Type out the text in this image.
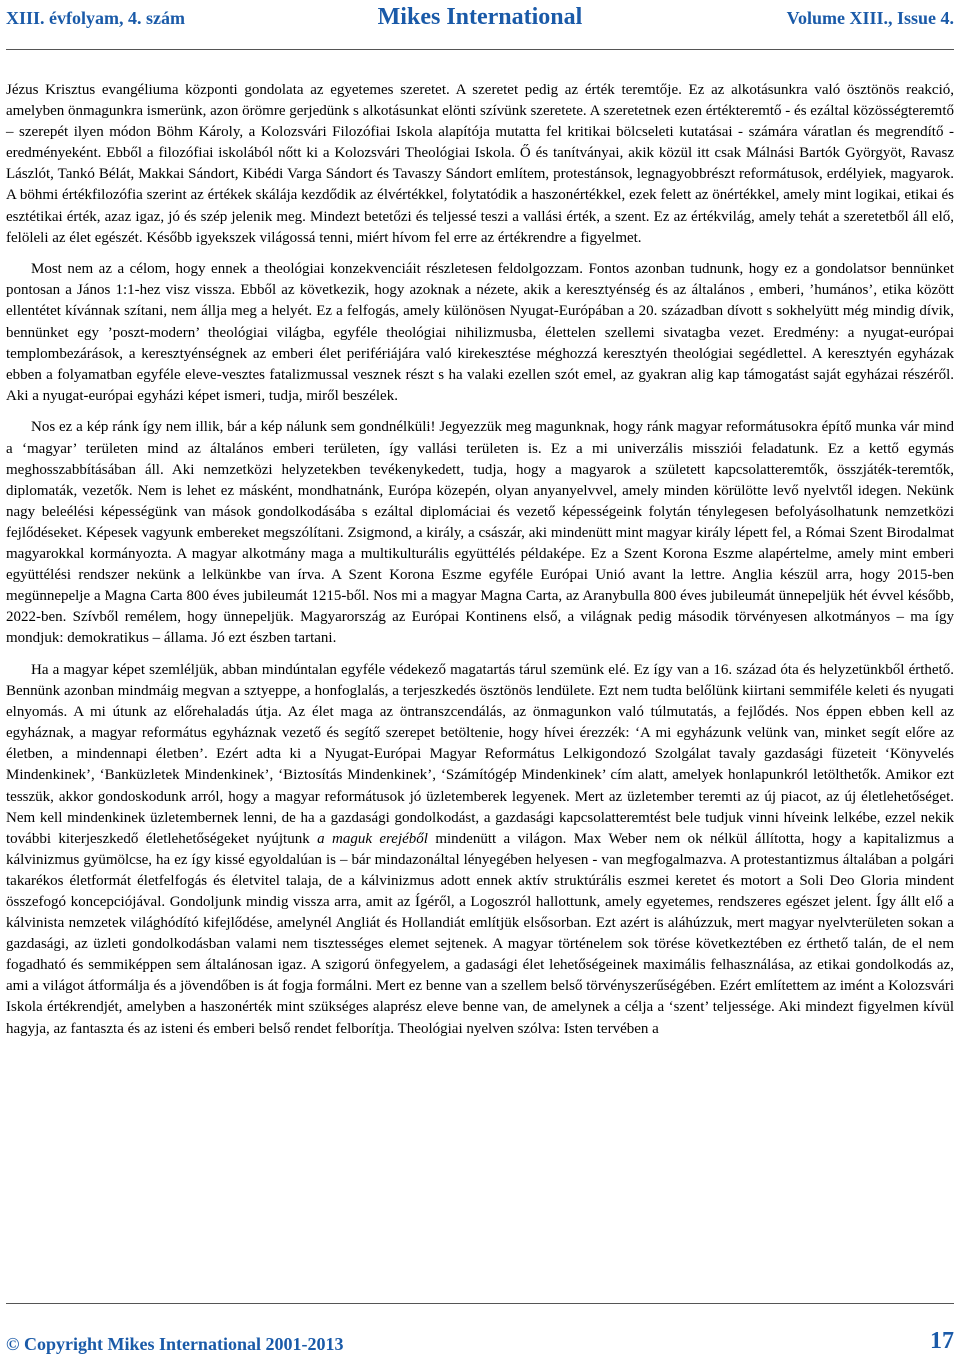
XIII. évfolyam, 4. szám	Mikes International	Volume XIII., Issue 4.

Jézus Krisztus evangéliuma központi gondolata az egyetemes szeretet. A szeretet pedig az érték teremtője. Ez az alkotásunkra való ösztönös reakció, amelyben önmagunkra ismerünk, azon örömre gerjedünk s alkotásunkat elönti szívünk szeretete. A szeretetnek ezen értékteremtő - és ezáltal közösségteremtő – szerepét ilyen módon Böhm Károly, a Kolozsvári Filozófiai Iskola alapítója mutatta fel kritikai bölcseleti kutatásai - számára váratlan és megrendítő -eredményeként. Ebből a filozófiai iskolából nőtt ki a Kolozsvári Theológiai Iskola. Ő és tanítványai, akik közül itt csak Málnási Bartók Györgyöt, Ravasz Lászlót, Tankó Bélát, Makkai Sándort, Kibédi Varga Sándort és Tavaszy Sándort említem, protestánsok, legnagyobbrészt reformátusok, erdélyiek, magyarok. A böhmi értékfilozófia szerint az értékek skálája kezdődik az élvértékkel, folytatódik a haszonértékkel, ezek felett az önértékkel, amely mint logikai, etikai és esztétikai érték, azaz igaz, jó és szép jelenik meg. Mindezt betetőzi és teljessé teszi a vallási érték, a szent. Ez az értékvilág, amely tehát a szeretetből áll elő, felöleli az élet egészét. Később igyekszek világossá tenni, miért hívom fel erre az értékrendre a figyelmet.

Most nem az a célom, hogy ennek a theológiai konzekvenciáit részletesen feldolgozzam. Fontos azonban tudnunk, hogy ez a gondolatsor bennünket pontosan a János 1:1-hez visz vissza. Ebből az következik, hogy azoknak a nézete, akik a keresztyénség és az általános , emberi, ’humános’, etika között ellentétet kívánnak szítani, nem állja meg a helyét. Ez a felfogás, amely különösen Nyugat-Európában a 20. században dívott s sokhelyütt még mindig dívik, bennünket egy ’poszt-modern’ theológiai világba, egyféle theológiai nihilizmusba, élettelen szellemi sivatagba vezet. Eredmény: a nyugat-európai templombezárások, a keresztyénségnek az emberi élet perifériájára való kirekesztése méghozzá keresztyén theológiai segédlettel. A keresztyén egyházak ebben a folyamatban egyféle eleve-vesztes fatalizmussal vesznek részt s ha valaki ezellen szót emel, az gyakran alig kap támogatást saját egyházai részéről. Aki a nyugat-európai egyházi képet ismeri, tudja, miről beszélek.

Nos ez a kép ránk így nem illik, bár a kép nálunk sem gondnélküli! Jegyezzük meg magunknak, hogy ránk magyar reformátusokra építő munka vár mind a ‘magyar’ területen mind az általános emberi területen, így vallási területen is. Ez a mi univerzális missziói feladatunk. Ez a kettő egymás meghosszabbításában áll. Aki nemzetközi helyzetekben tevékenykedett, tudja, hogy a magyarok a született kapcsolatteremtők, összjáték-teremtők, diplomaták, vezetők. Nem is lehet ez másként, mondhatnánk, Európa közepén, olyan anyanyelvvel, amely minden körülötte levő nyelvtől idegen. Nekünk nagy beleélési képességünk van mások gondolkodásába s ezáltal diplomáciai és vezető képességeink folytán ténylegesen befolyásolhatunk nemzetközi fejlődéseket. Képesek vagyunk embereket megszólítani. Zsigmond, a király, a császár, aki mindenütt mint magyar király lépett fel, a Római Szent Birodalmat magyarokkal kormányozta. A magyar alkotmány maga a multikulturális együttélés példaképe. Ez a Szent Korona Eszme alapértelme, amely mint emberi együttélési rendszer nekünk a lelkünkbe van írva. A Szent Korona Eszme egyféle Európai Unió avant la lettre. Anglia készül arra, hogy 2015-ben megünnepelje a Magna Carta 800 éves jubileumát 1215-ből. Nos mi a magyar Magna Carta, az Aranybulla 800 éves jubileumát ünnepeljük hét évvel később, 2022-ben. Szívből remélem, hogy ünnepeljük. Magyarország az Európai Kontinens első, a világnak pedig második törvényesen alkotmányos – ma így mondjuk: demokratikus – állama. Jó ezt észben tartani.

Ha a magyar képet szemléljük, abban mindúntalan egyféle védekező magatartás tárul szemünk elé. Ez így van a 16. század óta és helyzetünkből érthető. Bennünk azonban mindmáig megvan a sztyeppe, a honfoglalás, a terjeszkedés ösztönös lendülete. Ezt nem tudta belőlünk kiirtani semmiféle keleti és nyugati elnyomás. A mi útunk az előrehaladás útja. Az élet maga az öntranszcendálás, az önmagunkon való túlmutatás, a fejlődés. Nos éppen ebben kell az egyháznak, a magyar református egyháznak vezető és segítő szerepet betöltenie, hogy hívei érezzék: ‘A mi egyházunk velünk van, minket segít előre az életben, a mindennapi életben’. Ezért adta ki a Nyugat-Európai Magyar Református Lelkigondozó Szolgálat tavaly gazdasági füzeteit ‘Könyvelés Mindenkinek’, ‘Banküzletek Mindenkinek’, ‘Biztosítás Mindenkinek’, ‘Számítógép Mindenkinek’ cím alatt, amelyek honlapunkról letölthetők. Amikor ezt tesszük, akkor gondoskodunk arról, hogy a magyar reformátusok jó üzletemberek legyenek. Mert az üzletember teremti az új piacot, az új életlehetőséget. Nem kell mindenkinek üzletembernek lenni, de ha a gazdasági gondolkodást, a gazdasági kapcsolatteremtést bele tudjuk vinni híveink lelkébe, ezzel nekik további kiterjeszkedő életlehetőségeket nyújtunk a maguk erejéből mindenütt a világon. Max Weber nem ok nélkül állította, hogy a kapitalizmus a kálvinizmus gyümölcse, ha ez így kissé egyoldalúan is – bár mindazonáltal lényegében helyesen - van megfogalmazva. A protestantizmus általában a polgári takarékos életformát életfelfogás és életvitel talaja, de a kálvinizmus adott ennek aktív struktúrális eszmei keretet és motort a Soli Deo Gloria mindent összefogó koncepciójával. Gondoljunk mindig vissza arra, amit az Ígéről, a Logoszról hallottunk, amely egyetemes, rendszeres egészet jelent. Így állt elő a kálvinista nemzetek világhódító kifejlődése, amelynél Angliát és Hollandiát említjük elsősorban. Ezt azért is aláhúzzuk, mert magyar nyelvterületen sokan a gazdasági, az üzleti gondolkodásban valami nem tisztességes elemet sejtenek. A magyar történelem sok törése következtében ez érthető talán, de el nem fogadható és semmiképpen sem általánosan igaz. A szigorú önfegyelem, a gadasági élet lehetőségeinek maximális felhasználása, az etikai gondolkodás az, ami a világot átformálja és a jövendőben is át fogja formálni. Mert ez benne van a szellem belső törvényszerűségében. Ezért említettem az imént a Kolozsvári Iskola értékrendjét, amelyben a haszonérték mint szükséges alaprész eleve benne van, de amelynek a célja a ‘szent’ teljessége. Aki mindezt figyelmen kívül hagyja, az fantaszta és az isteni és emberi belső rendet felborítja. Theológiai nyelven szólva: Isten tervében a

© Copyright Mikes International 2001-2013	17
